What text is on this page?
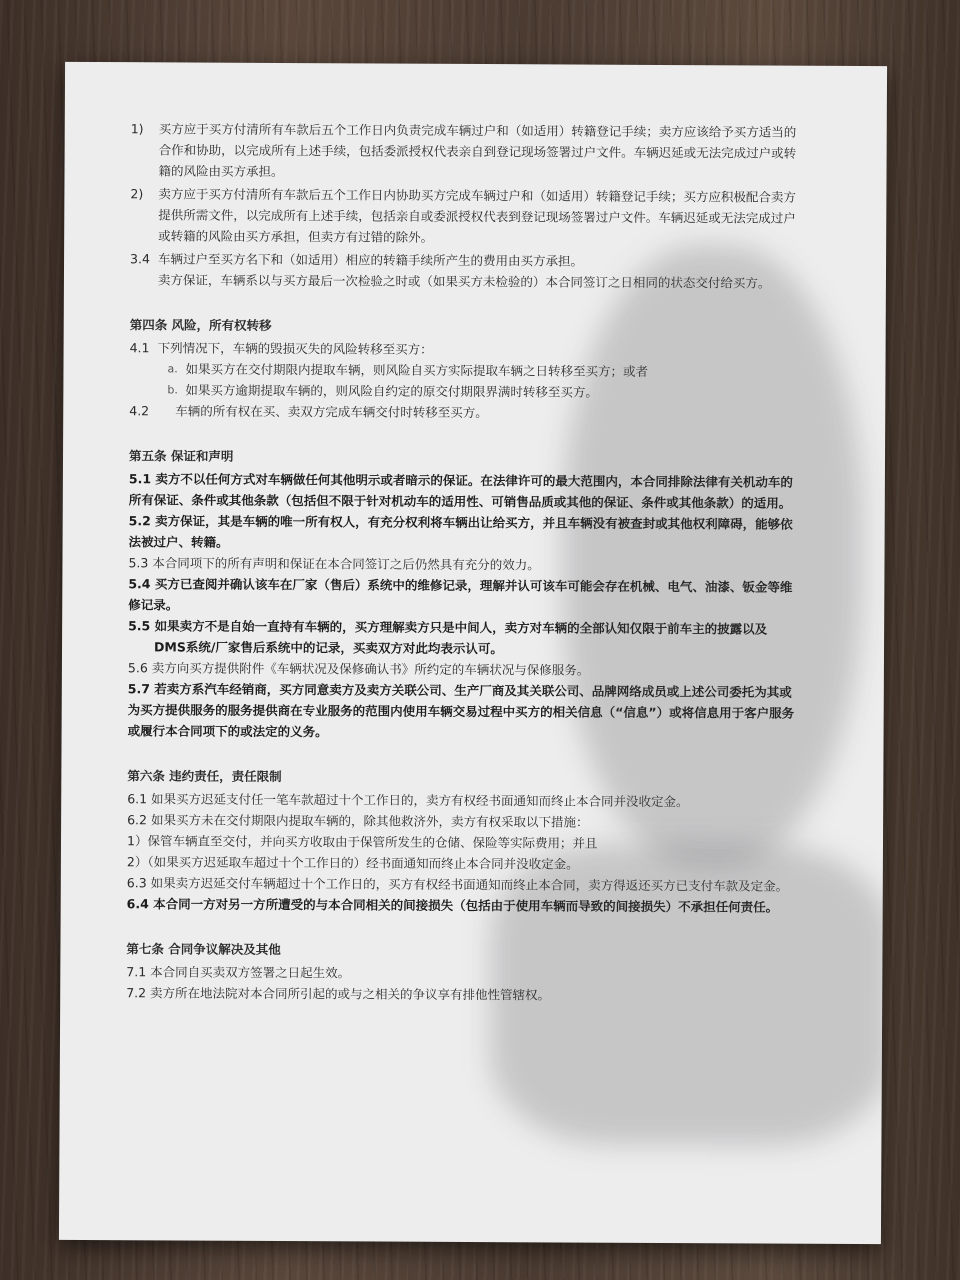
1)	买方应于买方付清所有车款后五个工作日内负责完成车辆过户和（如适用）转籍登记手续；卖方应该给予买方适当的合作和协助，以完成所有上述手续，包括委派授权代表亲自到登记现场签署过户文件。车辆迟延或无法完成过户或转籍的风险由买方承担。
2)	卖方应于买方付清所有车款后五个工作日内协助买方完成车辆过户和（如适用）转籍登记手续；买方应积极配合卖方提供所需文件，以完成所有上述手续，包括亲自或委派授权代表到登记现场签署过户文件。车辆迟延或无法完成过户或转籍的风险由买方承担，但卖方有过错的除外。
3.4 车辆过户至买方名下和（如适用）相应的转籍手续所产生的费用由买方承担。

卖方保证，车辆系以与买方最后一次检验之时或（如果买方未检验的）本合同签订之日相同的状态交付给买方。

第四条 风险，所有权转移

4.1 下列情况下，车辆的毁损灭失的风险转移至买方：
a. 如果买方在交付期限内提取车辆，则风险自买方实际提取车辆之日转移至买方；或者
b. 如果买方逾期提取车辆的，则风险自约定的原交付期限界满时转移至买方。
4.2	车辆的所有权在买、卖双方完成车辆交付时转移至买方。

第五条 保证和声明

5.1 卖方不以任何方式对车辆做任何其他明示或者暗示的保证。在法律许可的最大范围内，本合同排除法律有关机动车的所有保证、条件或其他条款（包括但不限于针对机动车的适用性、可销售品质或其他的保证、条件或其他条款）的适用。

5.2 卖方保证，其是车辆的唯一所有权人，有充分权利将车辆出让给买方，并且车辆没有被查封或其他权利障碍，能够依法被过户、转籍。

5.3 本合同项下的所有声明和保证在本合同签订之后仍然具有充分的效力。

5.4 买方已查阅并确认该车在厂家（售后）系统中的维修记录，理解并认可该车可能会存在机械、电气、油漆、钣金等维修记录。

5.5 如果卖方不是自始一直持有车辆的，买方理解卖方只是中间人，卖方对车辆的全部认知仅限于前车主的披露以及

DMS系统/厂家售后系统中的记录，买卖双方对此均表示认可。

5.6 卖方向买方提供附件《车辆状况及保修确认书》所约定的车辆状况与保修服务。

5.7 若卖方系汽车经销商，买方同意卖方及卖方关联公司、生产厂商及其关联公司、品牌网络成员或上述公司委托为其或为买方提供服务的服务提供商在专业服务的范围内使用车辆交易过程中买方的相关信息（“信息”）或将信息用于客户服务或履行本合同项下的或法定的义务。

第六条 违约责任，责任限制

6.1 如果买方迟延支付任一笔车款超过十个工作日的，卖方有权经书面通知而终止本合同并没收定金。

6.2 如果买方未在交付期限内提取车辆的，除其他救济外，卖方有权采取以下措施：

1）保管车辆直至交付，并向买方收取由于保管所发生的仓储、保险等实际费用；并且

2）（如果买方迟延取车超过十个工作日的）经书面通知而终止本合同并没收定金。

6.3 如果卖方迟延交付车辆超过十个工作日的，买方有权经书面通知而终止本合同，卖方得返还买方已支付车款及定金。

6.4 本合同一方对另一方所遭受的与本合同相关的间接损失（包括由于使用车辆而导致的间接损失）不承担任何责任。

第七条 合同争议解决及其他

7.1 本合同自买卖双方签署之日起生效。

7.2 卖方所在地法院对本合同所引起的或与之相关的争议享有排他性管辖权。
